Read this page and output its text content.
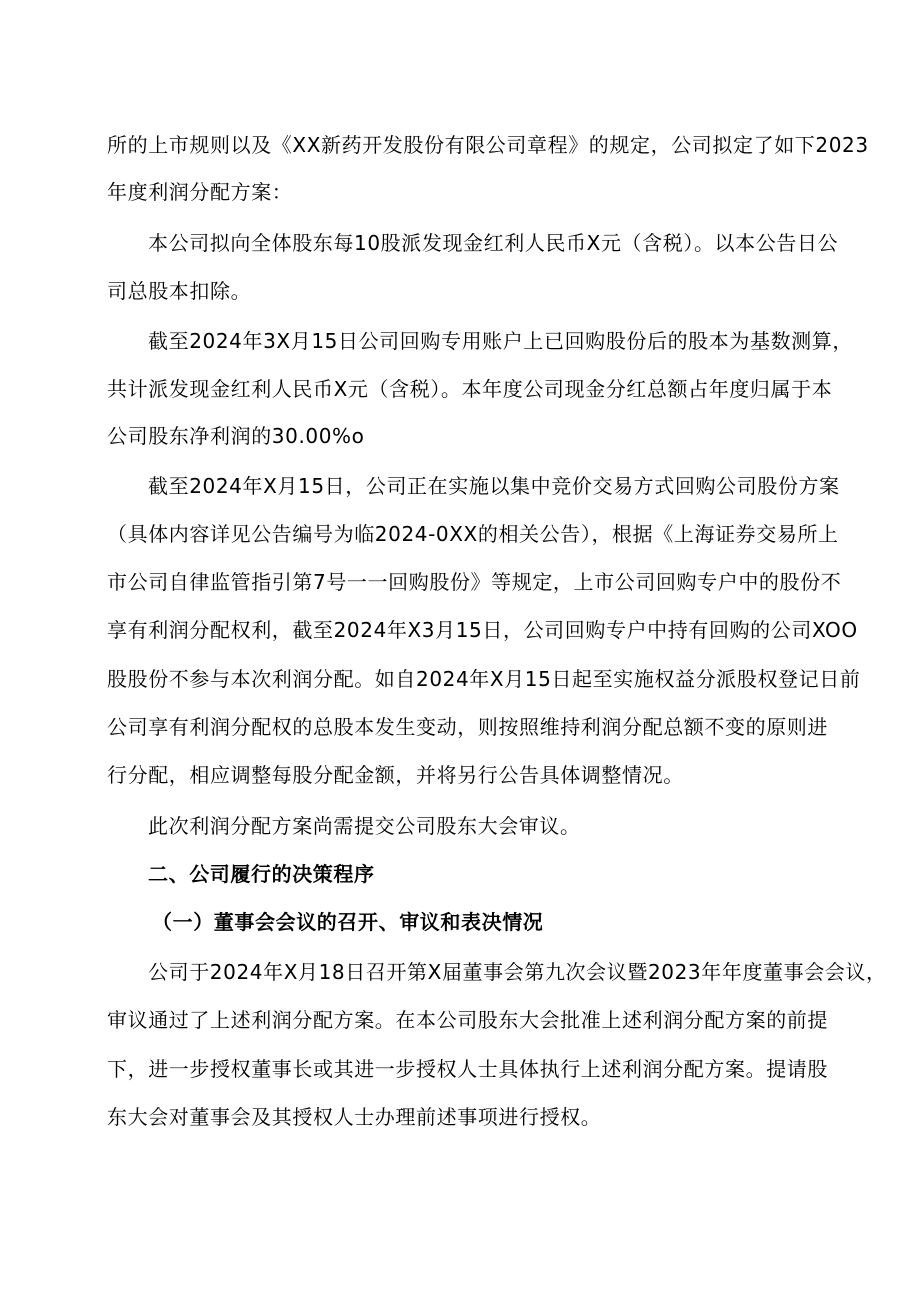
所的上市规则以及《XX新药开发股份有限公司章程》的规定，公司拟定了如下2023
年度利润分配方案：
本公司拟向全体股东每10股派发现金红利人民币X元（含税）。以本公告日公
司总股本扣除。
截至2024年3X月15日公司回购专用账户上已回购股份后的股本为基数测算，
共计派发现金红利人民币X元（含税）。本年度公司现金分红总额占年度归属于本
公司股东净利润的30.00%o
截至2024年X月15日，公司正在实施以集中竞价交易方式回购公司股份方案
（具体内容详见公告编号为临2024-0XX的相关公告），根据《上海证券交易所上
市公司自律监管指引第7号一一回购股份》等规定，上市公司回购专户中的股份不
享有利润分配权利，截至2024年X3月15日，公司回购专户中持有回购的公司XOO
股股份不参与本次利润分配。如自2024年X月15日起至实施权益分派股权登记日前
公司享有利润分配权的总股本发生变动，则按照维持利润分配总额不变的原则进
行分配，相应调整每股分配金额，并将另行公告具体调整情况。
此次利润分配方案尚需提交公司股东大会审议。
二、公司履行的决策程序
（一）董事会会议的召开、审议和表决情况
公司于2024年X月18日召开第X届董事会第九次会议暨2023年年度董事会会议，
审议通过了上述利润分配方案。在本公司股东大会批准上述利润分配方案的前提
下，进一步授权董事长或其进一步授权人士具体执行上述利润分配方案。提请股
东大会对董事会及其授权人士办理前述事项进行授权。
